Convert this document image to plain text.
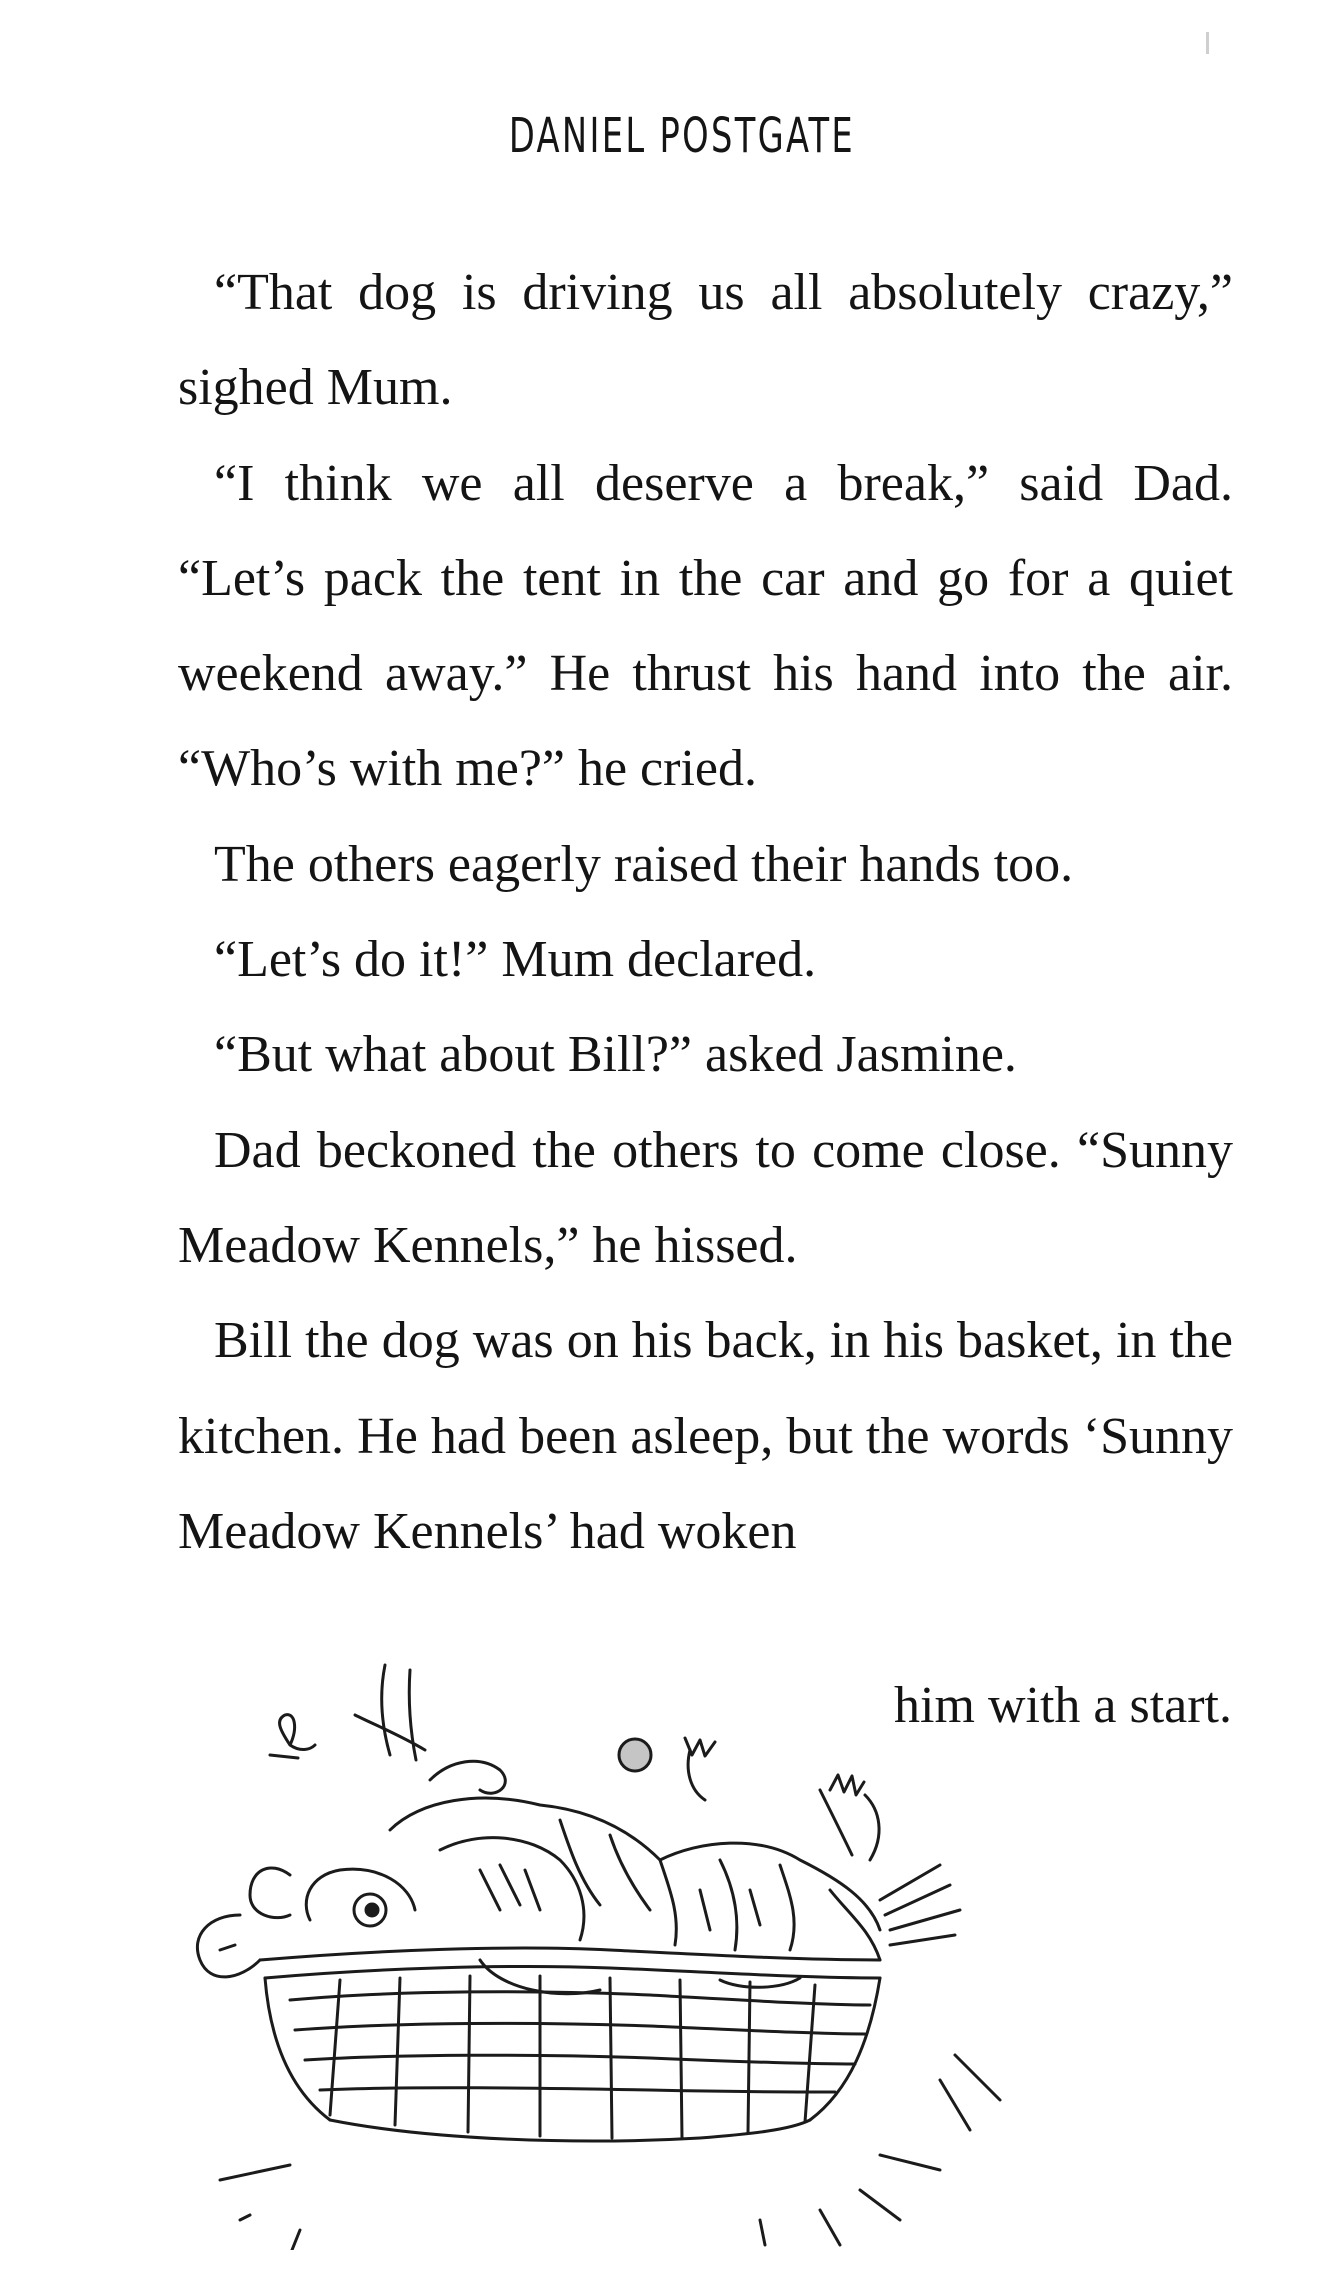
DANIEL POSTGATE

“That dog is driving us all absolutely crazy,” sighed Mum.

“I think we all deserve a break,” said Dad. “Let’s pack the tent in the car and go for a quiet weekend away.” He thrust his hand into the air. “Who’s with me?” he cried.

The others eagerly raised their hands too.

“Let’s do it!” Mum declared.

“But what about Bill?” asked Jasmine.

Dad beckoned the others to come close. “Sunny Meadow Kennels,” he hissed.

Bill the dog was on his back, in his basket, in the kitchen. He had been asleep, but the words ‘Sunny Meadow Kennels’ had woken

him with a start.
